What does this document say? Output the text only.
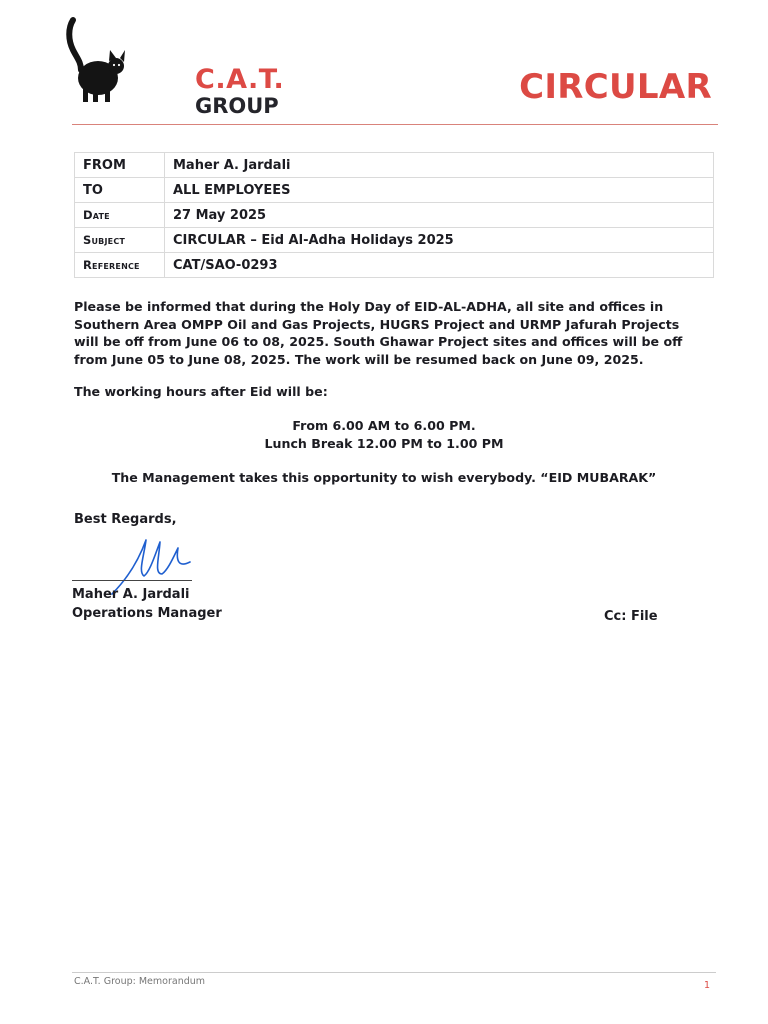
C.A.T.
GROUP	CIRCULAR
FROM	Maher A. Jardali
TO	ALL EMPLOYEES
Date	27 May 2025
Subject	CIRCULAR – Eid Al-Adha Holidays 2025
Reference	CAT/SAO-0293
Please be informed that during the Holy Day of EID-AL-ADHA, all site and offices in Southern Area OMPP Oil and Gas Projects, HUGRS Project and URMP Jafurah Projects will be off from June 06 to 08, 2025. South Ghawar Project sites and offices will be off from June 05 to June 08, 2025. The work will be resumed back on June 09, 2025.
The working hours after Eid will be:
From 6.00 AM to 6.00 PM.
Lunch Break 12.00 PM to 1.00 PM
The Management takes this opportunity to wish everybody. “EID MUBARAK”
Best Regards,
Maher A. Jardali
Operations Manager	Cc: File
C.A.T. Group: Memorandum	1
